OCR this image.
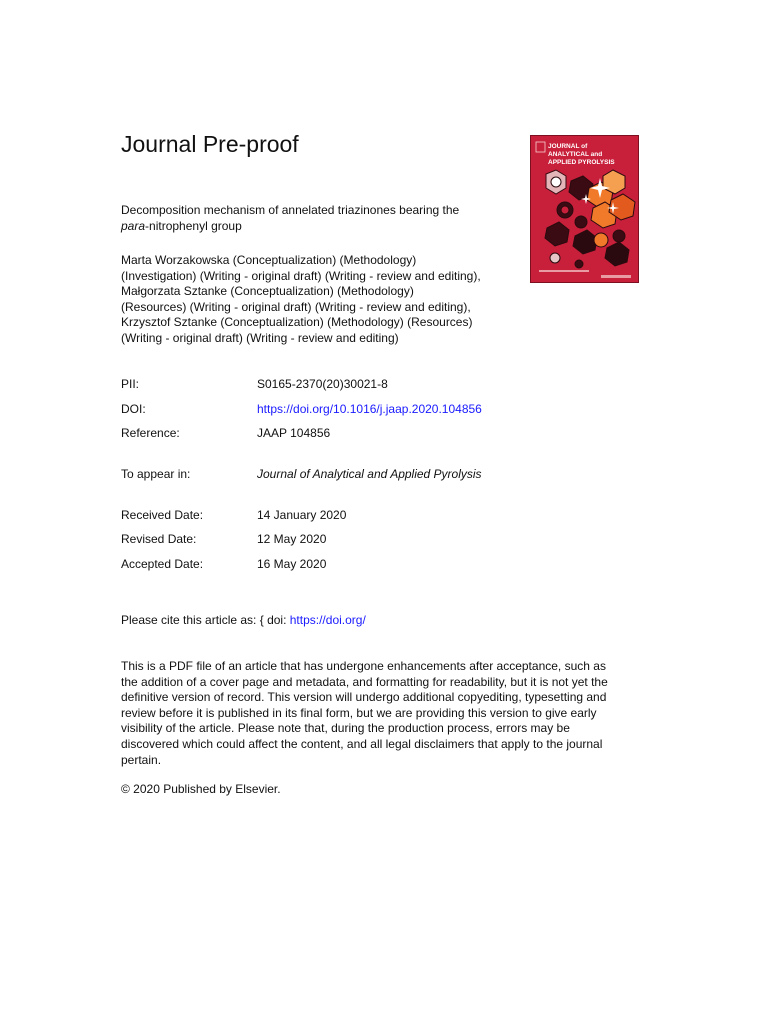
Journal Pre-proof	JOURNAL of
ANALYTICAL and
APPLIED PYROLYSIS
Decomposition mechanism of annelated triazinones bearing the
para-nitrophenyl group
Marta Worzakowska (Conceptualization) (Methodology)
(Investigation) (Writing - original draft) (Writing - review and editing),
Małgorzata Sztanke (Conceptualization) (Methodology)
(Resources) (Writing - original draft) (Writing - review and editing),
Krzysztof Sztanke (Conceptualization) (Methodology) (Resources)
(Writing - original draft) (Writing - review and editing)
PII:	S0165-2370(20)30021-8
DOI:	https://doi.org/10.1016/j.jaap.2020.104856
Reference:	JAAP 104856
To appear in:	Journal of Analytical and Applied Pyrolysis
Received Date:	14 January 2020
Revised Date:	12 May 2020
Accepted Date:	16 May 2020
Please cite this article as: { doi: https://doi.org/
This is a PDF file of an article that has undergone enhancements after acceptance, such as
the addition of a cover page and metadata, and formatting for readability, but it is not yet the
definitive version of record. This version will undergo additional copyediting, typesetting and
review before it is published in its final form, but we are providing this version to give early
visibility of the article. Please note that, during the production process, errors may be
discovered which could affect the content, and all legal disclaimers that apply to the journal
pertain.
© 2020 Published by Elsevier.
